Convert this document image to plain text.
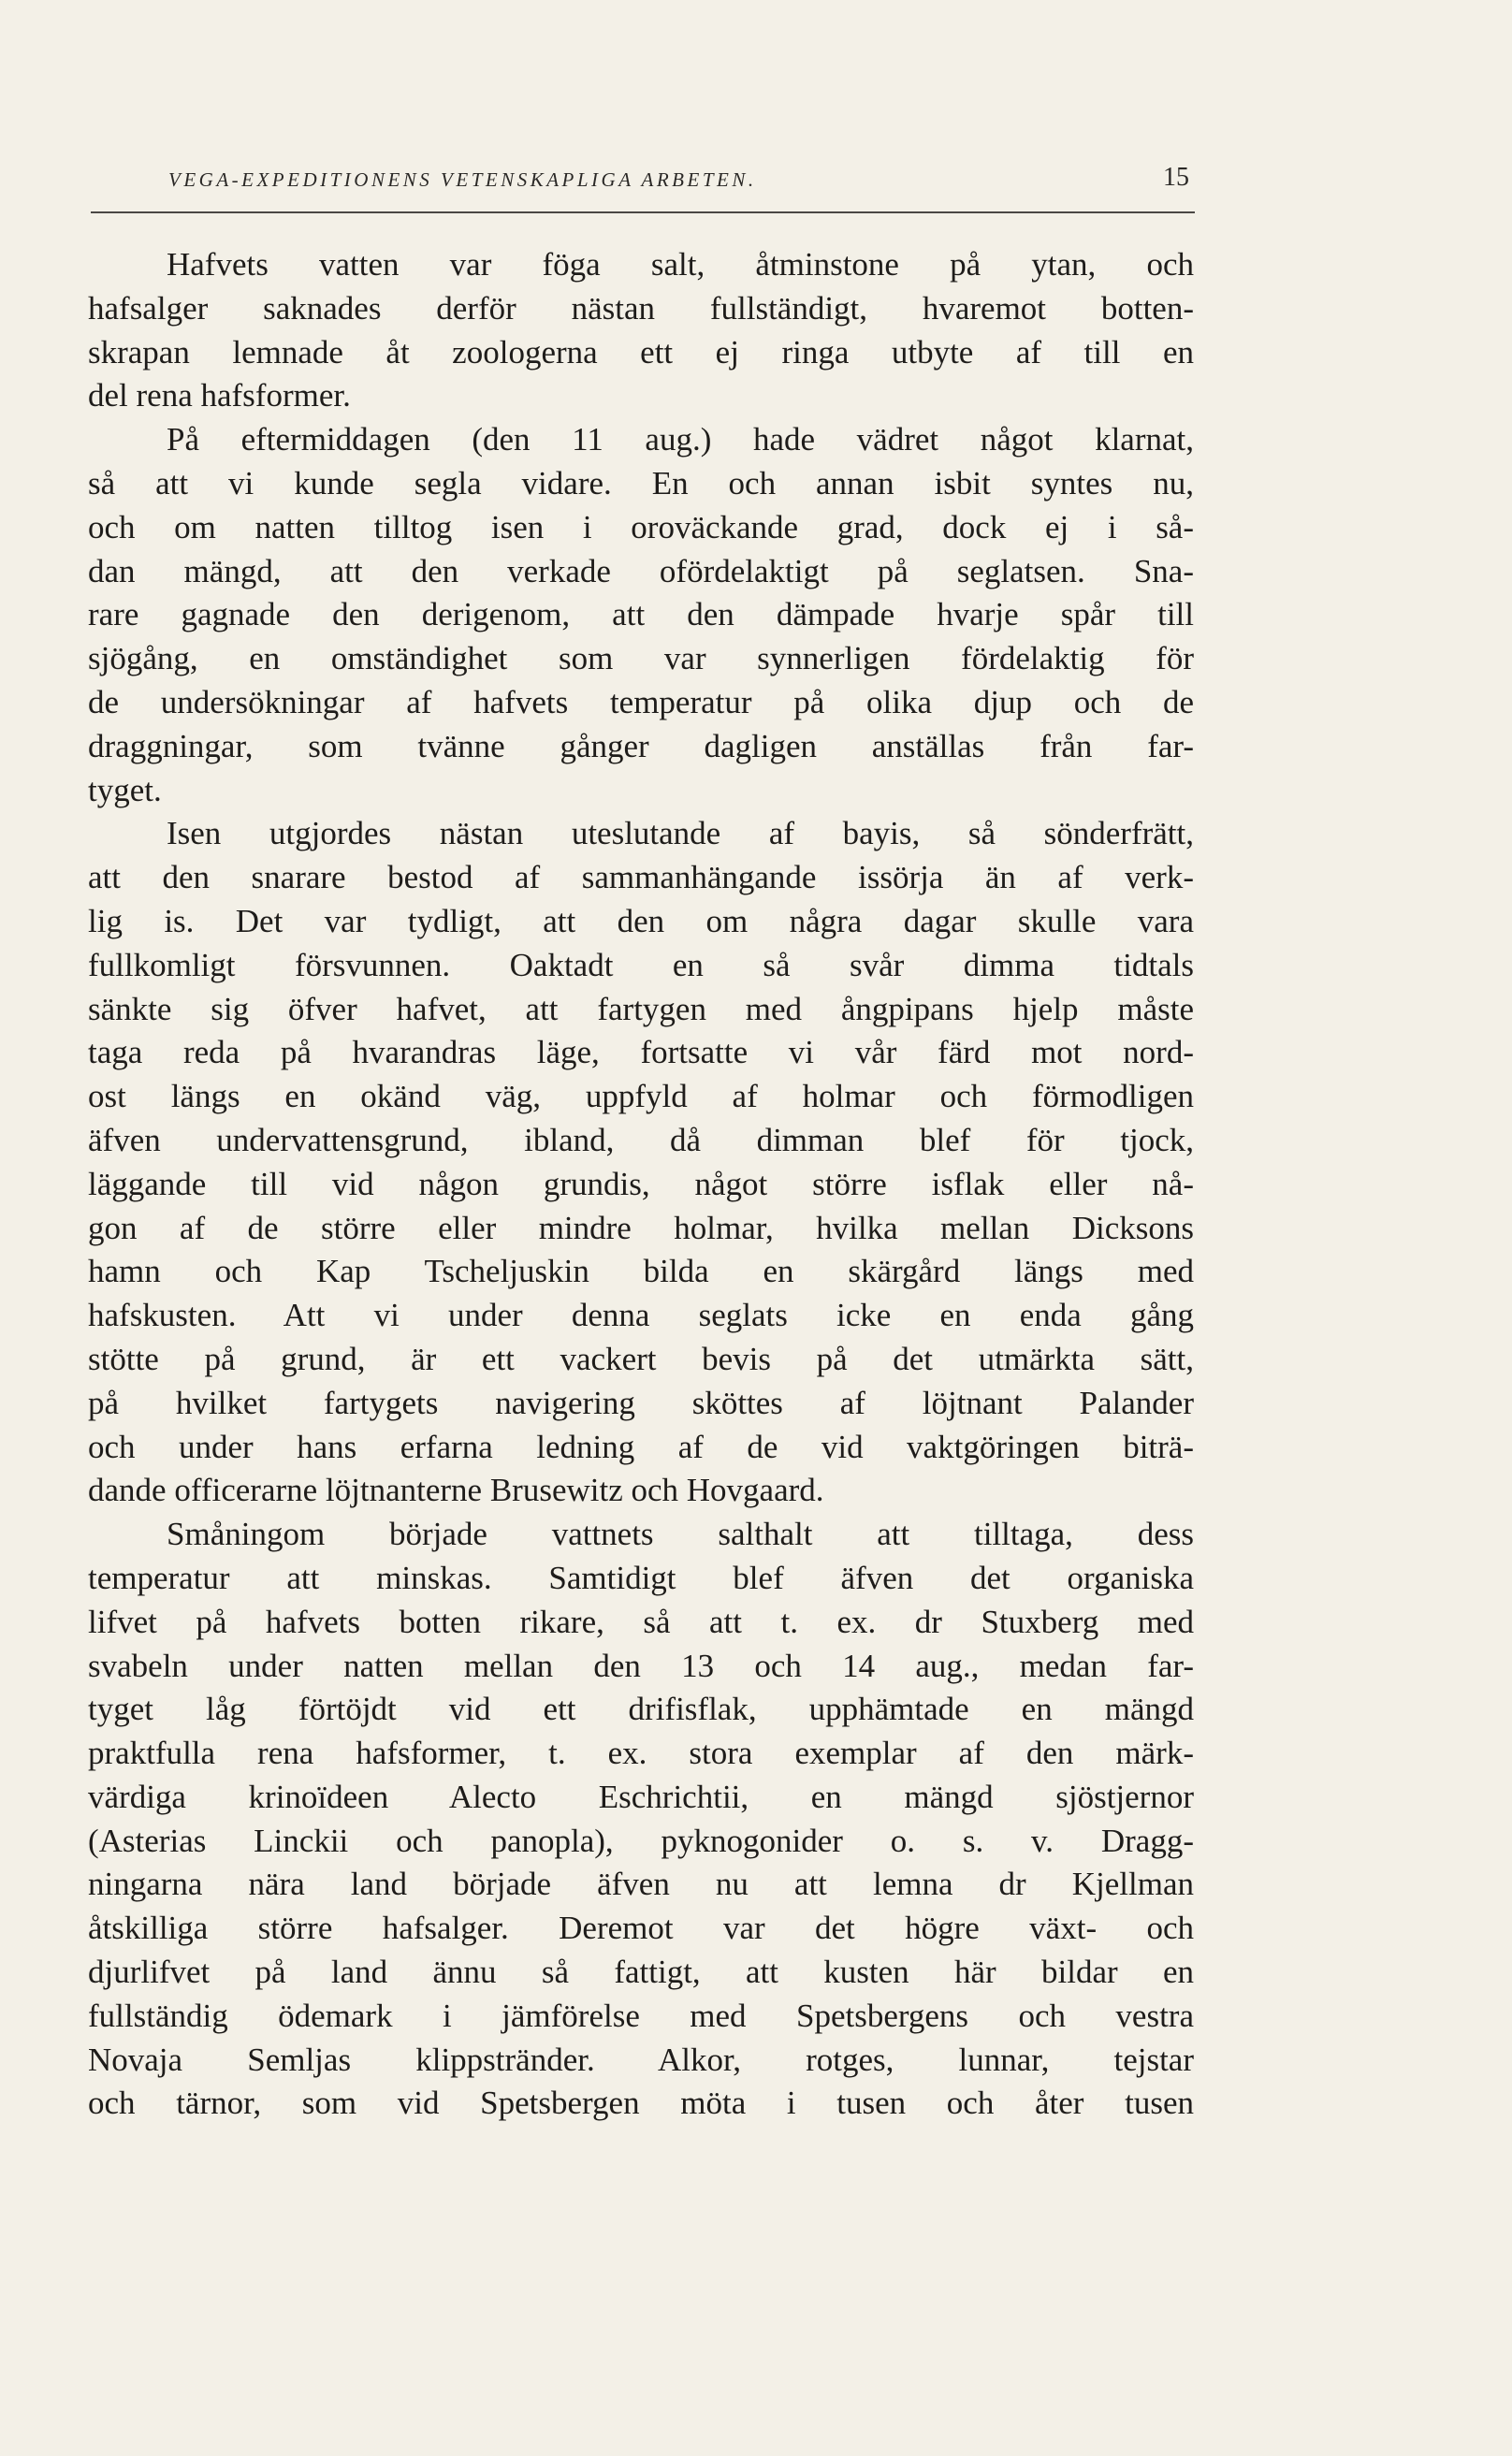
VEGA-EXPEDITIONENS VETENSKAPLIGA ARBETEN.	15
Hafvets vatten var föga salt, åtminstone på ytan, och
hafsalger saknades derför nästan fullständigt, hvaremot botten-
skrapan lemnade åt zoologerna ett ej ringa utbyte af till en
del rena hafsformer.
På eftermiddagen (den 11 aug.) hade vädret något klarnat,
så att vi kunde segla vidare. En och annan isbit syntes nu,
och om natten tilltog isen i oroväckande grad, dock ej i så-
dan mängd, att den verkade ofördelaktigt på seglatsen. Sna-
rare gagnade den derigenom, att den dämpade hvarje spår till
sjögång, en omständighet som var synnerligen fördelaktig för
de undersökningar af hafvets temperatur på olika djup och de
draggningar, som tvänne gånger dagligen anställas från far-
tyget.
Isen utgjordes nästan uteslutande af bayis, så sönderfrätt,
att den snarare bestod af sammanhängande issörja än af verk-
lig is. Det var tydligt, att den om några dagar skulle vara
fullkomligt försvunnen. Oaktadt en så svår dimma tidtals
sänkte sig öfver hafvet, att fartygen med ångpipans hjelp måste
taga reda på hvarandras läge, fortsatte vi vår färd mot nord-
ost längs en okänd väg, uppfyld af holmar och förmodligen
äfven undervattensgrund, ibland, då dimman blef för tjock,
läggande till vid någon grundis, något större isflak eller nå-
gon af de större eller mindre holmar, hvilka mellan Dicksons
hamn och Kap Tscheljuskin bilda en skärgård längs med
hafskusten. Att vi under denna seglats icke en enda gång
stötte på grund, är ett vackert bevis på det utmärkta sätt,
på hvilket fartygets navigering sköttes af löjtnant Palander
och under hans erfarna ledning af de vid vaktgöringen biträ-
dande officerarne löjtnanterne Brusewitz och Hovgaard.
Småningom började vattnets salthalt att tilltaga, dess
temperatur att minskas. Samtidigt blef äfven det organiska
lifvet på hafvets botten rikare, så att t. ex. dr Stuxberg med
svabeln under natten mellan den 13 och 14 aug., medan far-
tyget låg förtöjdt vid ett drifisflak, upphämtade en mängd
praktfulla rena hafsformer, t. ex. stora exemplar af den märk-
värdiga krinoïdeen Alecto Eschrichtii, en mängd sjöstjernor
(Asterias Linckii och panopla), pyknogonider o. s. v. Dragg-
ningarna nära land började äfven nu att lemna dr Kjellman
åtskilliga större hafsalger. Deremot var det högre växt- och
djurlifvet på land ännu så fattigt, att kusten här bildar en
fullständig ödemark i jämförelse med Spetsbergens och vestra
Novaja Semljas klippstränder. Alkor, rotges, lunnar, tejstar
och tärnor, som vid Spetsbergen möta i tusen och åter tusen
